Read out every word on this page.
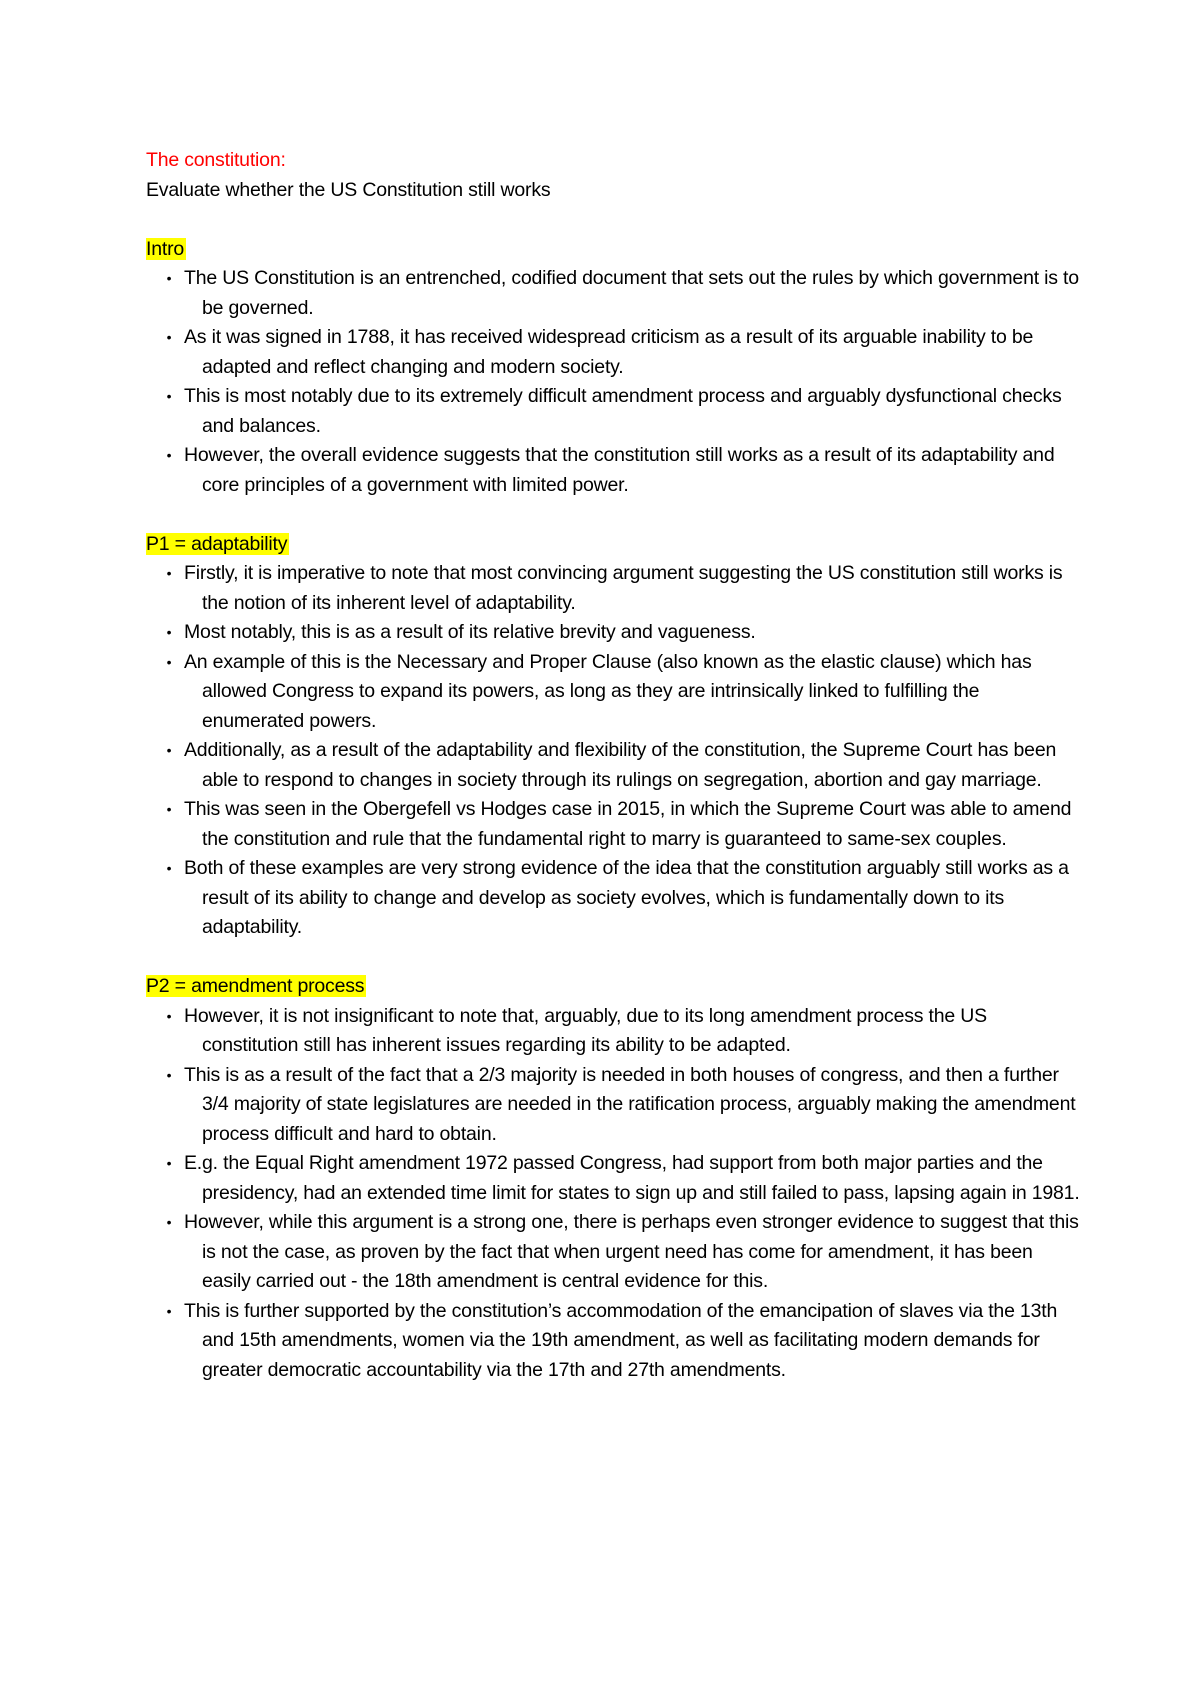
The constitution:

Evaluate whether the US Constitution still works

Intro

• The US Constitution is an entrenched, codified document that sets out the rules by which government is to be governed.
• As it was signed in 1788, it has received widespread criticism as a result of its arguable inability to be adapted and reflect changing and modern society.
• This is most notably due to its extremely difficult amendment process and arguably dysfunctional checks and balances.
• However, the overall evidence suggests that the constitution still works as a result of its adaptability and core principles of a government with limited power.

P1 = adaptability

• Firstly, it is imperative to note that most convincing argument suggesting the US constitution still works is the notion of its inherent level of adaptability.
• Most notably, this is as a result of its relative brevity and vagueness.
• An example of this is the Necessary and Proper Clause (also known as the elastic clause) which has allowed Congress to expand its powers, as long as they are intrinsically linked to fulfilling the enumerated powers.
• Additionally, as a result of the adaptability and flexibility of the constitution, the Supreme Court has been able to respond to changes in society through its rulings on segregation, abortion and gay marriage.
• This was seen in the Obergefell vs Hodges case in 2015, in which the Supreme Court was able to amend the constitution and rule that the fundamental right to marry is guaranteed to same-sex couples.
• Both of these examples are very strong evidence of the idea that the constitution arguably still works as a result of its ability to change and develop as society evolves, which is fundamentally down to its adaptability.

P2 = amendment process

• However, it is not insignificant to note that, arguably, due to its long amendment process the US constitution still has inherent issues regarding its ability to be adapted.
• This is as a result of the fact that a 2/3 majority is needed in both houses of congress, and then a further 3/4 majority of state legislatures are needed in the ratification process, arguably making the amendment process difficult and hard to obtain.
• E.g. the Equal Right amendment 1972 passed Congress, had support from both major parties and the presidency, had an extended time limit for states to sign up and still failed to pass, lapsing again in 1981.
• However, while this argument is a strong one, there is perhaps even stronger evidence to suggest that this is not the case, as proven by the fact that when urgent need has come for amendment, it has been easily carried out - the 18th amendment is central evidence for this.
• This is further supported by the constitution’s accommodation of the emancipation of slaves via the 13th and 15th amendments, women via the 19th amendment, as well as facilitating modern demands for greater democratic accountability via the 17th and 27th amendments.
